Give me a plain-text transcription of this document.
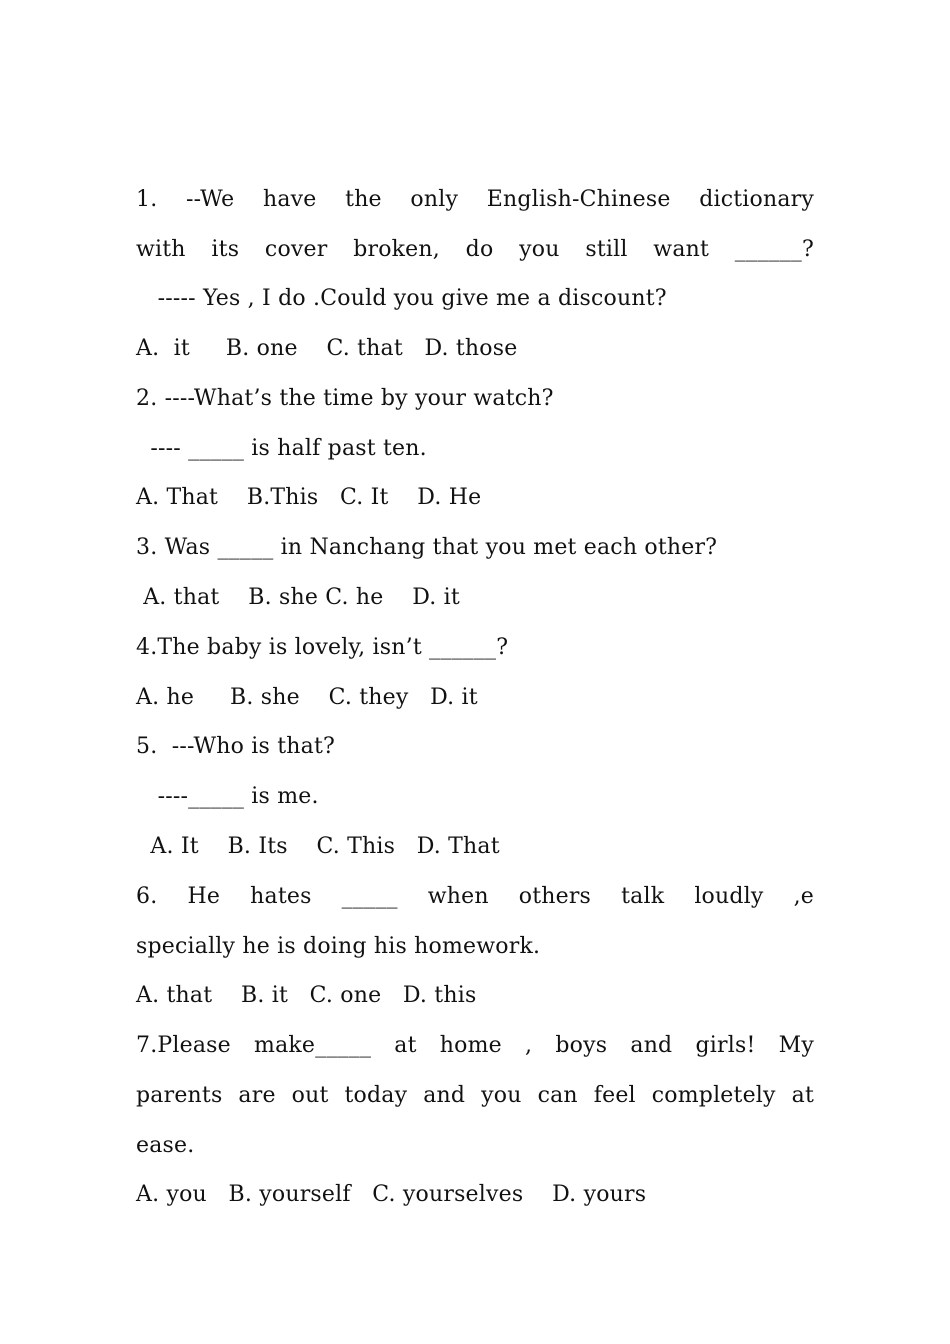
1. --We have the only English-Chinese dictionary
with its cover broken, do you still want ______?
----- Yes , I do .Could you give me a discount?
A.  it     B. one    C. that   D. those
2. ----What’s the time by your watch?
---- _____ is half past ten.
A. That    B.This   C. It    D. He
3. Was _____ in Nanchang that you met each other?
A. that    B. she C. he    D. it
4.The baby is lovely, isn’t ______?
A. he     B. she    C. they   D. it
5.  ---Who is that?
----_____ is me.
A. It    B. Its    C. This   D. That
6. He hates _____ when others talk loudly ,e
specially he is doing his homework.
A. that    B. it   C. one   D. this
7.Please make_____ at home , boys and girls! My
parents are out today and you can feel completely at
ease.
A. you   B. yourself   C. yourselves    D. yours
